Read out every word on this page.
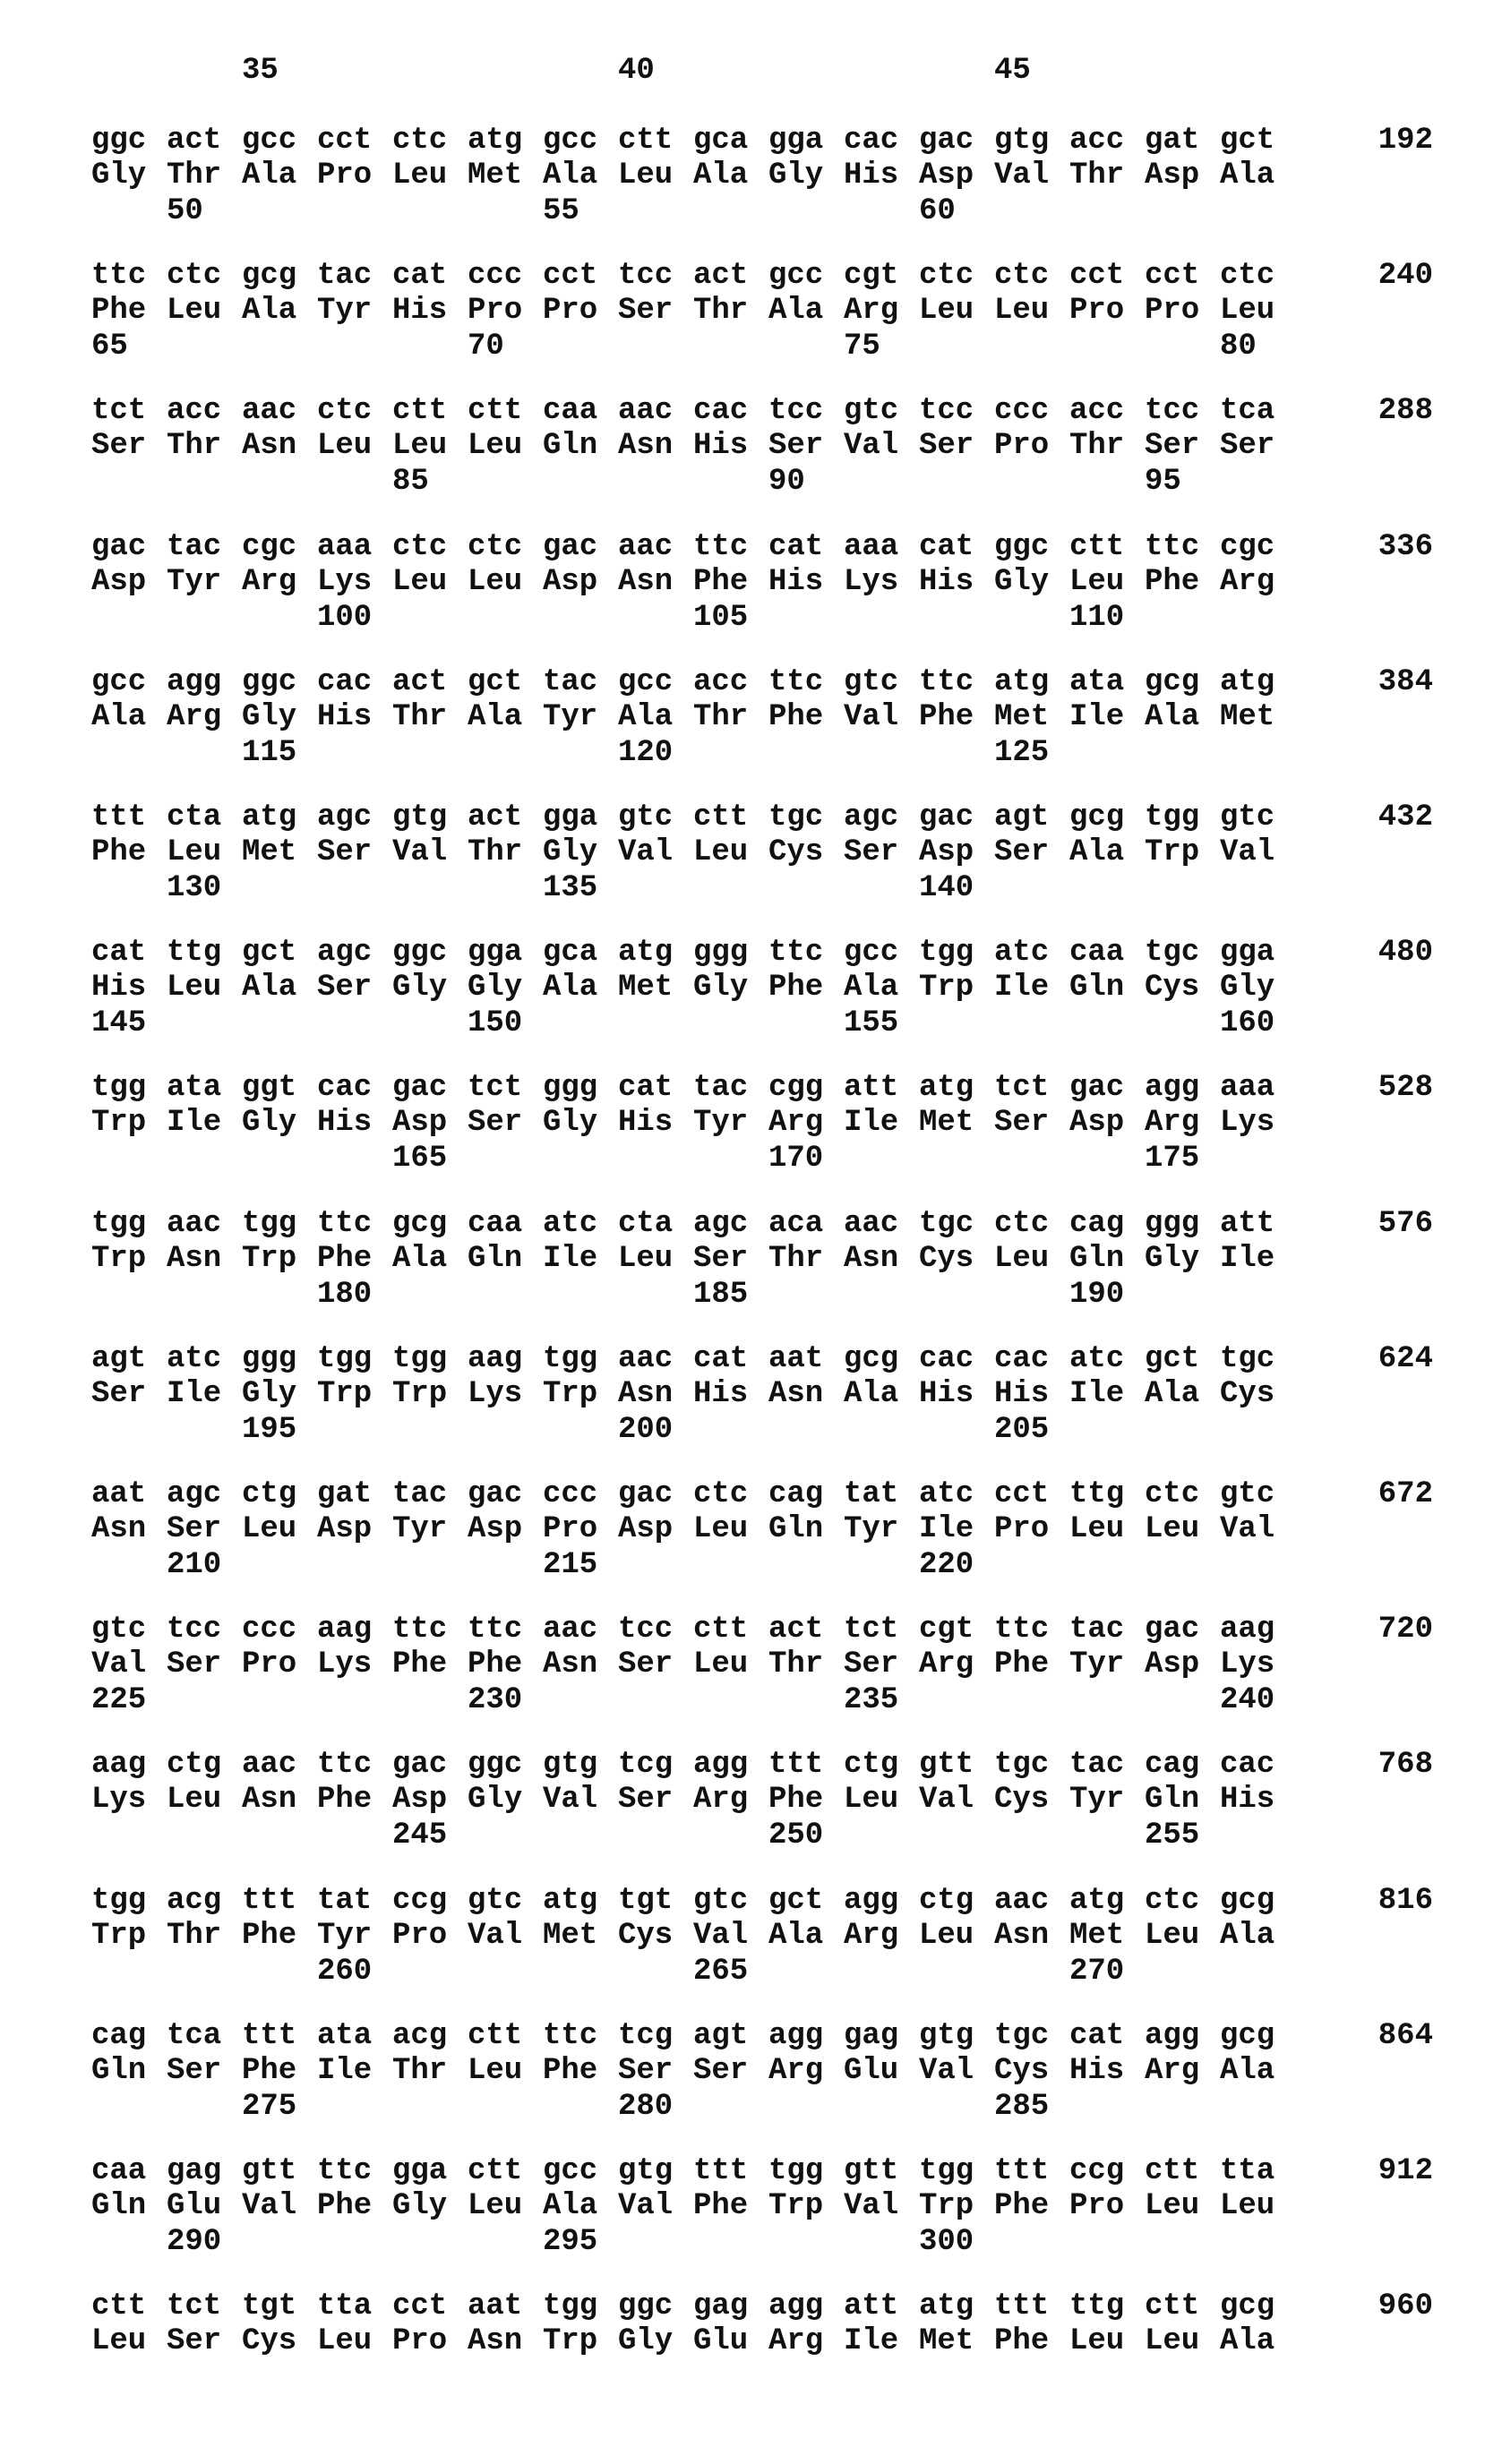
35	40	45
ggc act gcc cct ctc atg gcc ctt gca gga cac gac gtg acc gat gct
Gly Thr Ala Pro Leu Met Ala Leu Ala Gly His Asp Val Thr Asp Ala
50	55	60
192
ttc ctc gcg tac cat ccc cct tcc act gcc cgt ctc ctc cct cct ctc
Phe Leu Ala Tyr His Pro Pro Ser Thr Ala Arg Leu Leu Pro Pro Leu
65	70	75	80
240
tct acc aac ctc ctt ctt caa aac cac tcc gtc tcc ccc acc tcc tca
Ser Thr Asn Leu Leu Leu Gln Asn His Ser Val Ser Pro Thr Ser Ser
85	90	95
288
gac tac cgc aaa ctc ctc gac aac ttc cat aaa cat ggc ctt ttc cgc
Asp Tyr Arg Lys Leu Leu Asp Asn Phe His Lys His Gly Leu Phe Arg
100	105	110
336
gcc agg ggc cac act gct tac gcc acc ttc gtc ttc atg ata gcg atg
Ala Arg Gly His Thr Ala Tyr Ala Thr Phe Val Phe Met Ile Ala Met
115	120	125
384
ttt cta atg agc gtg act gga gtc ctt tgc agc gac agt gcg tgg gtc
Phe Leu Met Ser Val Thr Gly Val Leu Cys Ser Asp Ser Ala Trp Val
130	135	140
432
cat ttg gct agc ggc gga gca atg ggg ttc gcc tgg atc caa tgc gga
His Leu Ala Ser Gly Gly Ala Met Gly Phe Ala Trp Ile Gln Cys Gly
145	150	155	160
480
tgg ata ggt cac gac tct ggg cat tac cgg att atg tct gac agg aaa
Trp Ile Gly His Asp Ser Gly His Tyr Arg Ile Met Ser Asp Arg Lys
165	170	175
528
tgg aac tgg ttc gcg caa atc cta agc aca aac tgc ctc cag ggg att
Trp Asn Trp Phe Ala Gln Ile Leu Ser Thr Asn Cys Leu Gln Gly Ile
180	185	190
576
agt atc ggg tgg tgg aag tgg aac cat aat gcg cac cac atc gct tgc
Ser Ile Gly Trp Trp Lys Trp Asn His Asn Ala His His Ile Ala Cys
195	200	205
624
aat agc ctg gat tac gac ccc gac ctc cag tat atc cct ttg ctc gtc
Asn Ser Leu Asp Tyr Asp Pro Asp Leu Gln Tyr Ile Pro Leu Leu Val
210	215	220
672
gtc tcc ccc aag ttc ttc aac tcc ctt act tct cgt ttc tac gac aag
Val Ser Pro Lys Phe Phe Asn Ser Leu Thr Ser Arg Phe Tyr Asp Lys
225	230	235	240
720
aag ctg aac ttc gac ggc gtg tcg agg ttt ctg gtt tgc tac cag cac
Lys Leu Asn Phe Asp Gly Val Ser Arg Phe Leu Val Cys Tyr Gln His
245	250	255
768
tgg acg ttt tat ccg gtc atg tgt gtc gct agg ctg aac atg ctc gcg
Trp Thr Phe Tyr Pro Val Met Cys Val Ala Arg Leu Asn Met Leu Ala
260	265	270
816
cag tca ttt ata acg ctt ttc tcg agt agg gag gtg tgc cat agg gcg
Gln Ser Phe Ile Thr Leu Phe Ser Ser Arg Glu Val Cys His Arg Ala
275	280	285
864
caa gag gtt ttc gga ctt gcc gtg ttt tgg gtt tgg ttt ccg ctt tta
Gln Glu Val Phe Gly Leu Ala Val Phe Trp Val Trp Phe Pro Leu Leu
290	295	300
912
ctt tct tgt tta cct aat tgg ggc gag agg att atg ttt ttg ctt gcg
Leu Ser Cys Leu Pro Asn Trp Gly Glu Arg Ile Met Phe Leu Leu Ala
960
